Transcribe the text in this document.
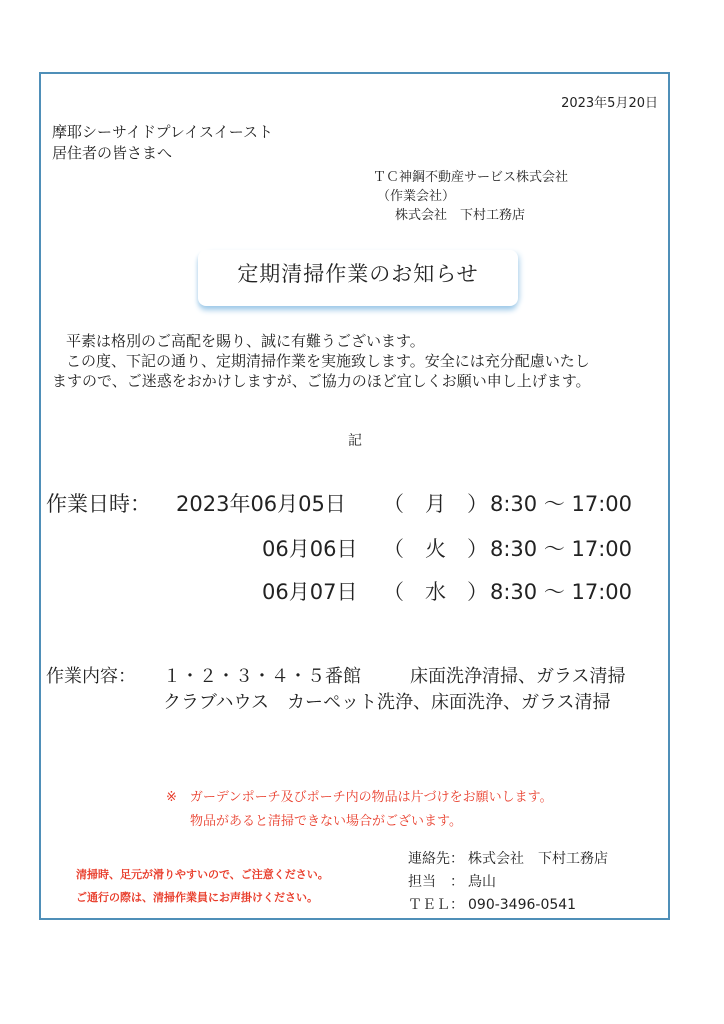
2023年5月20日
摩耶シーサイドプレイスイースト
居住者の皆さまへ
ＴＣ神鋼不動産サービス株式会社
（作業会社）
株式会社　下村工務店
定期清掃作業のお知らせ

平素は格別のご高配を賜り、誠に有難うございます。

この度、下記の通り、定期清掃作業を実施致します。安全には充分配慮いたし

ますので、ご迷惑をおかけしますが、ご協力のほど宜しくお願い申し上げます。

記
作業日時： 2023年06月05日 （　月　） 8:30 ～ 17:00
06月06日 （　火　） 8:30 ～ 17:00
06月07日 （　水　） 8:30 ～ 17:00
作業内容： １・２・３・４・５番館	床面洗浄清掃、ガラス清掃
クラブハウス　カーペット洗浄、床面洗浄、ガラス清掃
※　ガーデンポーチ及びポーチ内の物品は片づけをお願いします。
物品があると清掃できない場合がございます。
清掃時、足元が滑りやすいので、ご注意ください。
ご通行の際は、清掃作業員にお声掛けください。
連絡先： 株式会社　下村工務店
担当　： 鳥山
ＴＥＬ： 090-3496-0541
